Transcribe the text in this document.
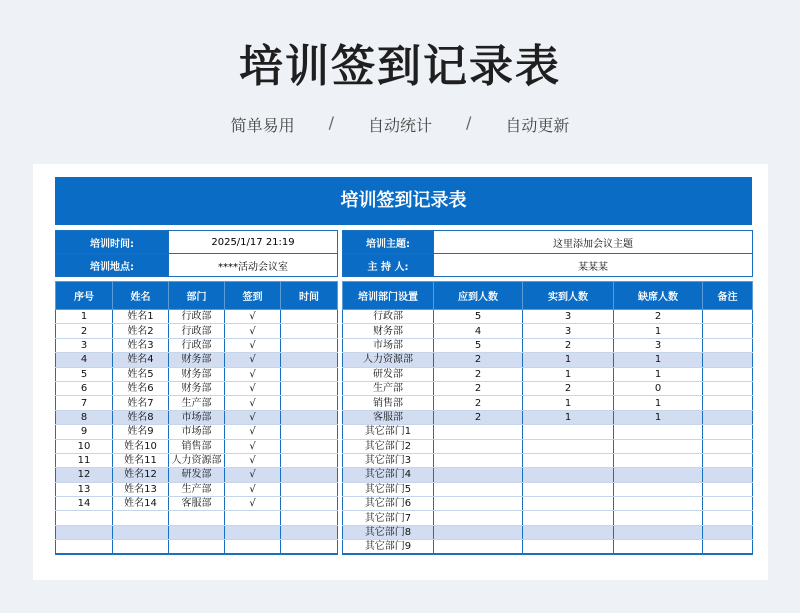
培训签到记录表
简单易用 / 自动统计 / 自动更新
培训签到记录表
培训时间:	2025/1/17 21:19
培训地点:	****活动会议室
培训主题:	这里添加会议主题
主 持 人:	某某某
序号	姓名	部门	签到	时间
1	姓名1	行政部	√	
2	姓名2	行政部	√	
3	姓名3	行政部	√	
4	姓名4	财务部	√	
5	姓名5	财务部	√	
6	姓名6	财务部	√	
7	姓名7	生产部	√	
8	姓名8	市场部	√	
9	姓名9	市场部	√	
10	姓名10	销售部	√	
11	姓名11	人力资源部	√	
12	姓名12	研发部	√	
13	姓名13	生产部	√	
14	姓名14	客服部	√	

培训部门设置	应到人数	实到人数	缺席人数	备注
行政部	5	3	2	
财务部	4	3	1	
市场部	5	2	3	
人力资源部	2	1	1	
研发部	2	1	1	
生产部	2	2	0	
销售部	2	1	1	
客服部	2	1	1	
其它部门1				
其它部门2				
其它部门3				
其它部门4				
其它部门5				
其它部门6				
其它部门7				
其它部门8				
其它部门9				
